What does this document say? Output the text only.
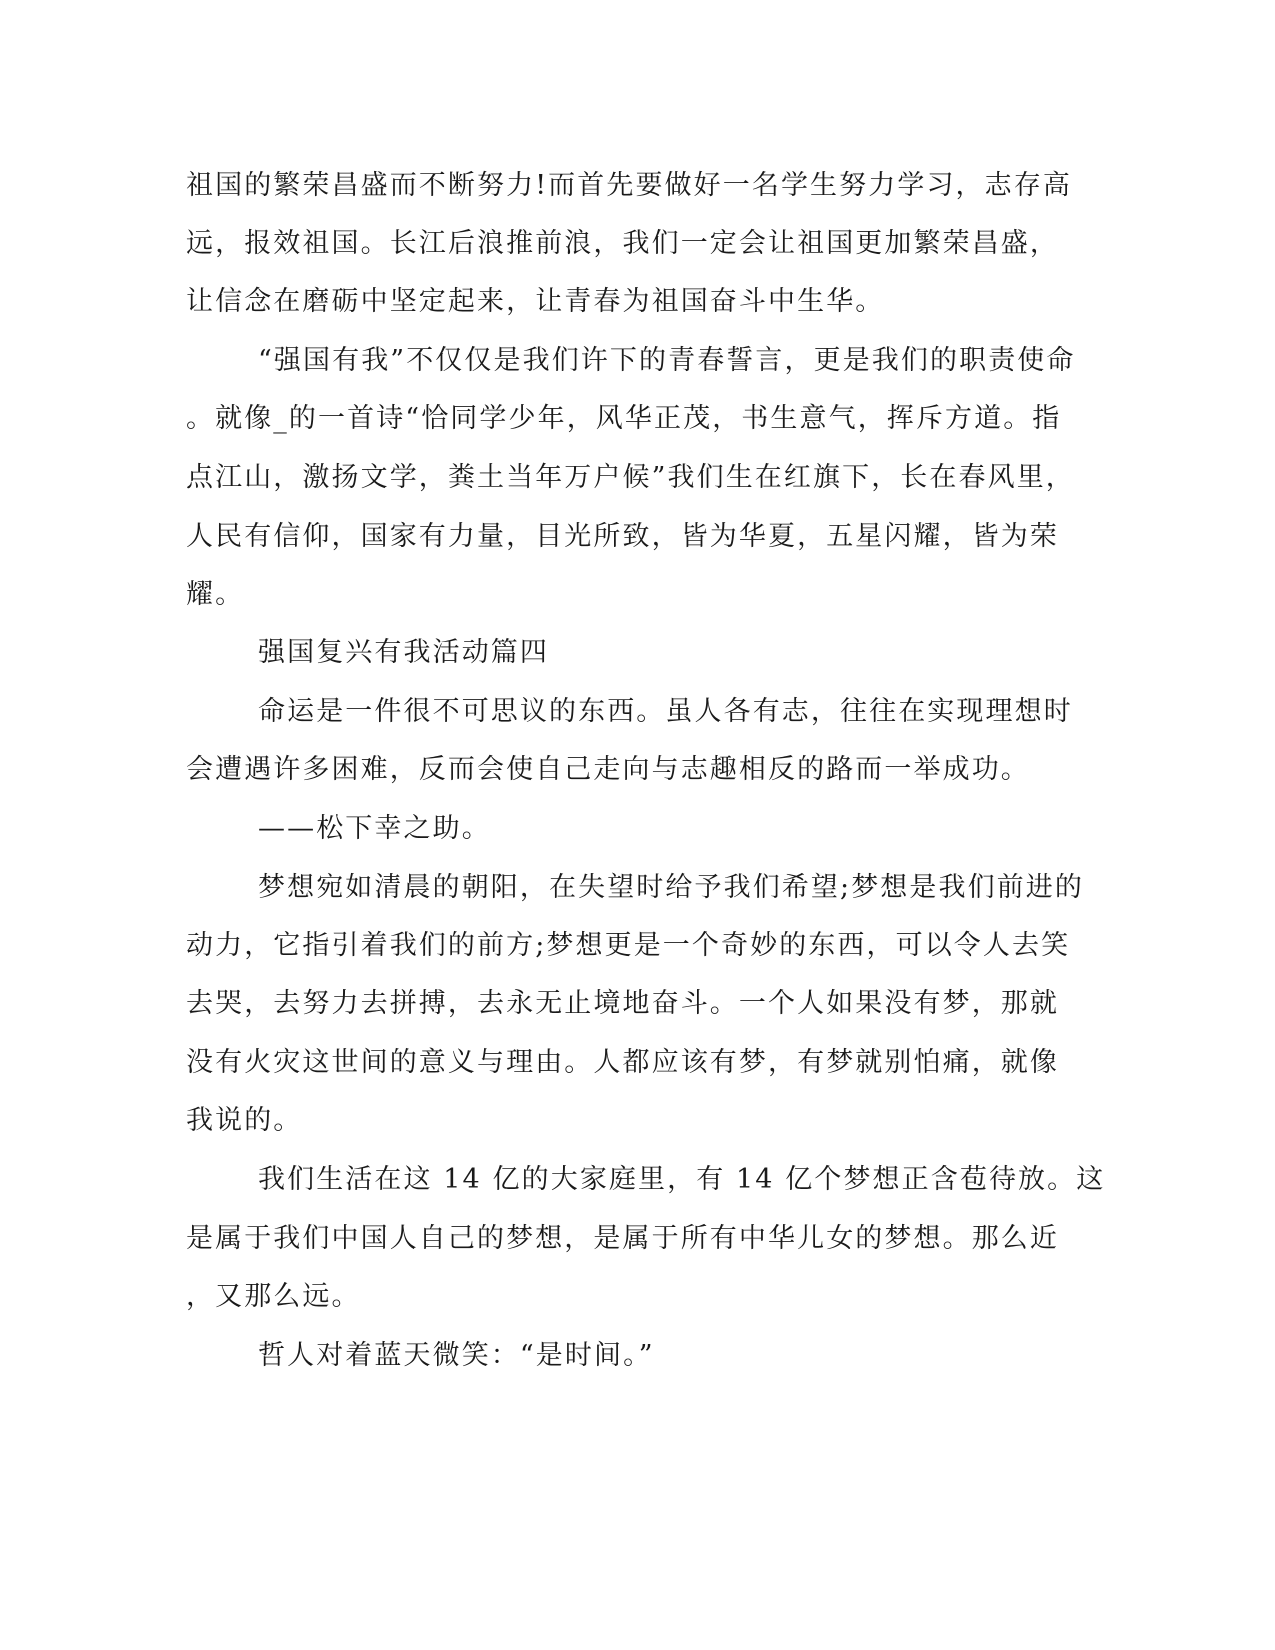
祖国的繁荣昌盛而不断努力!而首先要做好一名学生努力学习，志存高

远，报效祖国。长江后浪推前浪，我们一定会让祖国更加繁荣昌盛，

让信念在磨砺中坚定起来，让青春为祖国奋斗中生华。

“强国有我”不仅仅是我们许下的青春誓言，更是我们的职责使命

。就像_的一首诗“恰同学少年，风华正茂，书生意气，挥斥方道。指

点江山，激扬文学，粪土当年万户候”我们生在红旗下，长在春风里，

人民有信仰，国家有力量，目光所致，皆为华夏，五星闪耀，皆为荣

耀。

强国复兴有我活动篇四

命运是一件很不可思议的东西。虽人各有志，往往在实现理想时

会遭遇许多困难，反而会使自己走向与志趣相反的路而一举成功。

——松下幸之助。

梦想宛如清晨的朝阳，在失望时给予我们希望;梦想是我们前进的

动力，它指引着我们的前方;梦想更是一个奇妙的东西，可以令人去笑

去哭，去努力去拼搏，去永无止境地奋斗。一个人如果没有梦，那就

没有火灾这世间的意义与理由。人都应该有梦，有梦就别怕痛，就像

我说的。

我们生活在这 14 亿的大家庭里，有 14 亿个梦想正含苞待放。这

是属于我们中国人自己的梦想，是属于所有中华儿女的梦想。那么近

，又那么远。

哲人对着蓝天微笑：“是时间。”
